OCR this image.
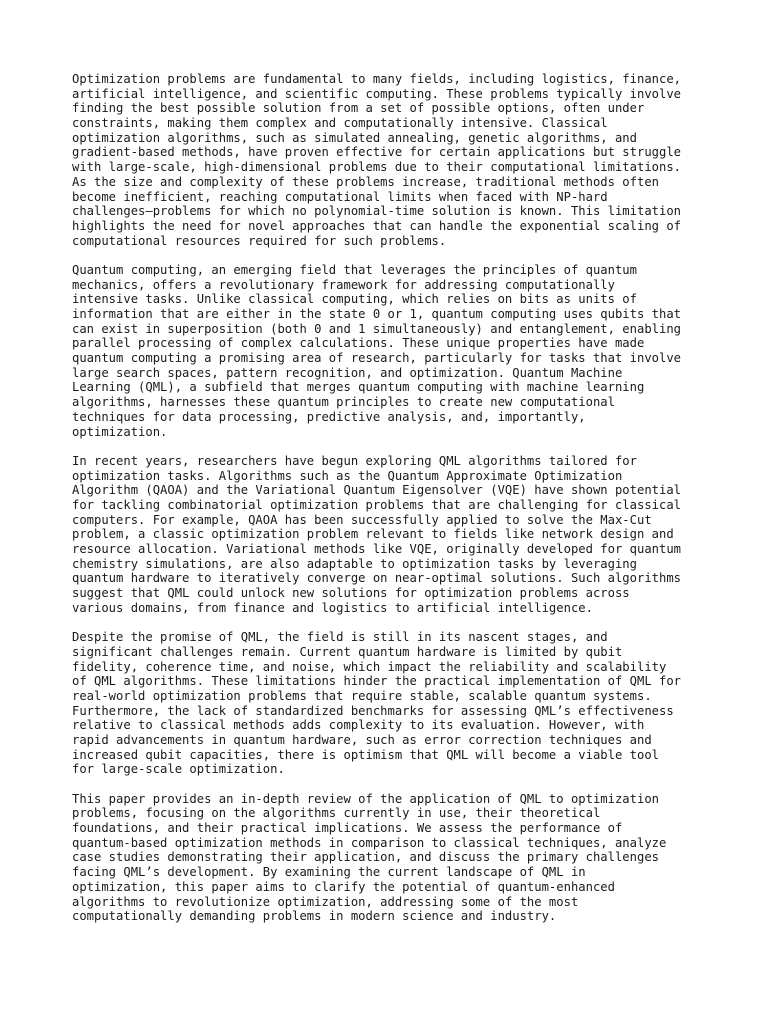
Optimization problems are fundamental to many fields, including logistics, finance,
artificial intelligence, and scientific computing. These problems typically involve
finding the best possible solution from a set of possible options, often under
constraints, making them complex and computationally intensive. Classical
optimization algorithms, such as simulated annealing, genetic algorithms, and
gradient-based methods, have proven effective for certain applications but struggle
with large-scale, high-dimensional problems due to their computational limitations.
As the size and complexity of these problems increase, traditional methods often
become inefficient, reaching computational limits when faced with NP-hard
challenges—problems for which no polynomial-time solution is known. This limitation
highlights the need for novel approaches that can handle the exponential scaling of
computational resources required for such problems.
Quantum computing, an emerging field that leverages the principles of quantum
mechanics, offers a revolutionary framework for addressing computationally
intensive tasks. Unlike classical computing, which relies on bits as units of
information that are either in the state 0 or 1, quantum computing uses qubits that
can exist in superposition (both 0 and 1 simultaneously) and entanglement, enabling
parallel processing of complex calculations. These unique properties have made
quantum computing a promising area of research, particularly for tasks that involve
large search spaces, pattern recognition, and optimization. Quantum Machine
Learning (QML), a subfield that merges quantum computing with machine learning
algorithms, harnesses these quantum principles to create new computational
techniques for data processing, predictive analysis, and, importantly,
optimization.
In recent years, researchers have begun exploring QML algorithms tailored for
optimization tasks. Algorithms such as the Quantum Approximate Optimization
Algorithm (QAOA) and the Variational Quantum Eigensolver (VQE) have shown potential
for tackling combinatorial optimization problems that are challenging for classical
computers. For example, QAOA has been successfully applied to solve the Max-Cut
problem, a classic optimization problem relevant to fields like network design and
resource allocation. Variational methods like VQE, originally developed for quantum
chemistry simulations, are also adaptable to optimization tasks by leveraging
quantum hardware to iteratively converge on near-optimal solutions. Such algorithms
suggest that QML could unlock new solutions for optimization problems across
various domains, from finance and logistics to artificial intelligence.
Despite the promise of QML, the field is still in its nascent stages, and
significant challenges remain. Current quantum hardware is limited by qubit
fidelity, coherence time, and noise, which impact the reliability and scalability
of QML algorithms. These limitations hinder the practical implementation of QML for
real-world optimization problems that require stable, scalable quantum systems.
Furthermore, the lack of standardized benchmarks for assessing QML’s effectiveness
relative to classical methods adds complexity to its evaluation. However, with
rapid advancements in quantum hardware, such as error correction techniques and
increased qubit capacities, there is optimism that QML will become a viable tool
for large-scale optimization.
This paper provides an in-depth review of the application of QML to optimization
problems, focusing on the algorithms currently in use, their theoretical
foundations, and their practical implications. We assess the performance of
quantum-based optimization methods in comparison to classical techniques, analyze
case studies demonstrating their application, and discuss the primary challenges
facing QML’s development. By examining the current landscape of QML in
optimization, this paper aims to clarify the potential of quantum-enhanced
algorithms to revolutionize optimization, addressing some of the most
computationally demanding problems in modern science and industry.
